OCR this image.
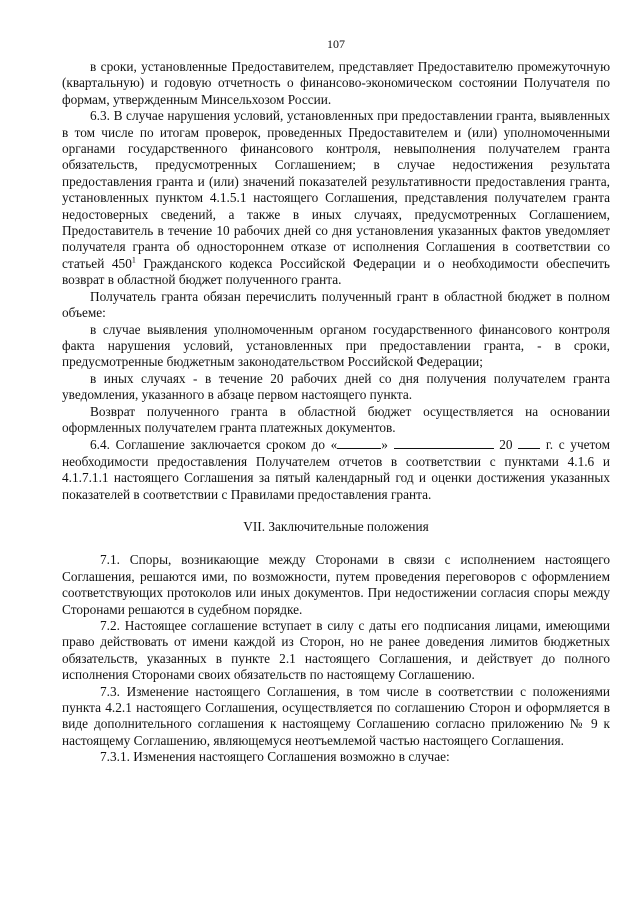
107

в сроки, установленные Предоставителем, представляет Предоставителю промежуточную (квартальную) и годовую отчетность о финансово-экономическом состоянии Получателя по формам, утвержденным Минсельхозом России.

6.3. В случае нарушения условий, установленных при предоставлении гранта, выявленных в том числе по итогам проверок, проведенных Предоставителем и (или) уполномоченными органами государственного финансового контроля, невыполнения получателем гранта обязательств, предусмотренных Соглашением; в случае недостижения результата предоставления гранта и (или) значений показателей результативности предоставления гранта, установленных пунктом 4.1.5.1 настоящего Соглашения, представления получателем гранта недостоверных сведений, а также в иных случаях, предусмотренных Соглашением, Предоставитель в течение 10 рабочих дней со дня установления указанных фактов уведомляет получателя гранта об одностороннем отказе от исполнения Соглашения в соответствии со статьей $450^1$ Гражданского кодекса Российской Федерации и о необходимости обеспечить возврат в областной бюджет полученного гранта.

Получатель гранта обязан перечислить полученный грант в областной бюджет в полном объеме:

в случае выявления уполномоченным органом государственного финансового контроля факта нарушения условий, установленных при предоставлении гранта, - в сроки, предусмотренные бюджетным законодательством Российской Федерации;

в иных случаях - в течение 20 рабочих дней со дня получения получателем гранта уведомления, указанного в абзаце первом настоящего пункта.

Возврат полученного гранта в областной бюджет осуществляется на основании оформленных получателем гранта платежных документов.

6.4. Соглашение заключается сроком до «	»	20  г. с учетом необходимости предоставления Получателем отчетов в соответствии с пунктами 4.1.6 и 4.1.7.1.1 настоящего Соглашения за пятый календарный год и оценки достижения указанных показателей в соответствии с Правилами предоставления гранта.

VII. Заключительные положения

7.1. Споры, возникающие между Сторонами в связи с исполнением настоящего Соглашения, решаются ими, по возможности, путем проведения переговоров с оформлением соответствующих протоколов или иных документов. При недостижении согласия споры между Сторонами решаются в судебном порядке.

7.2. Настоящее соглашение вступает в силу с даты его подписания лицами, имеющими право действовать от имени каждой из Сторон, но не ранее доведения лимитов бюджетных обязательств, указанных в пункте 2.1 настоящего Соглашения, и действует до полного исполнения Сторонами своих обязательств по настоящему Соглашению.

7.3. Изменение настоящего Соглашения, в том числе в соответствии с положениями пункта 4.2.1 настоящего Соглашения, осуществляется по соглашению Сторон и оформляется в виде дополнительного соглашения к настоящему Соглашению согласно приложению № 9 к настоящему Соглашению, являющемуся неотъемлемой частью настоящего Соглашения.

7.3.1. Изменения настоящего Соглашения возможно в случае:
